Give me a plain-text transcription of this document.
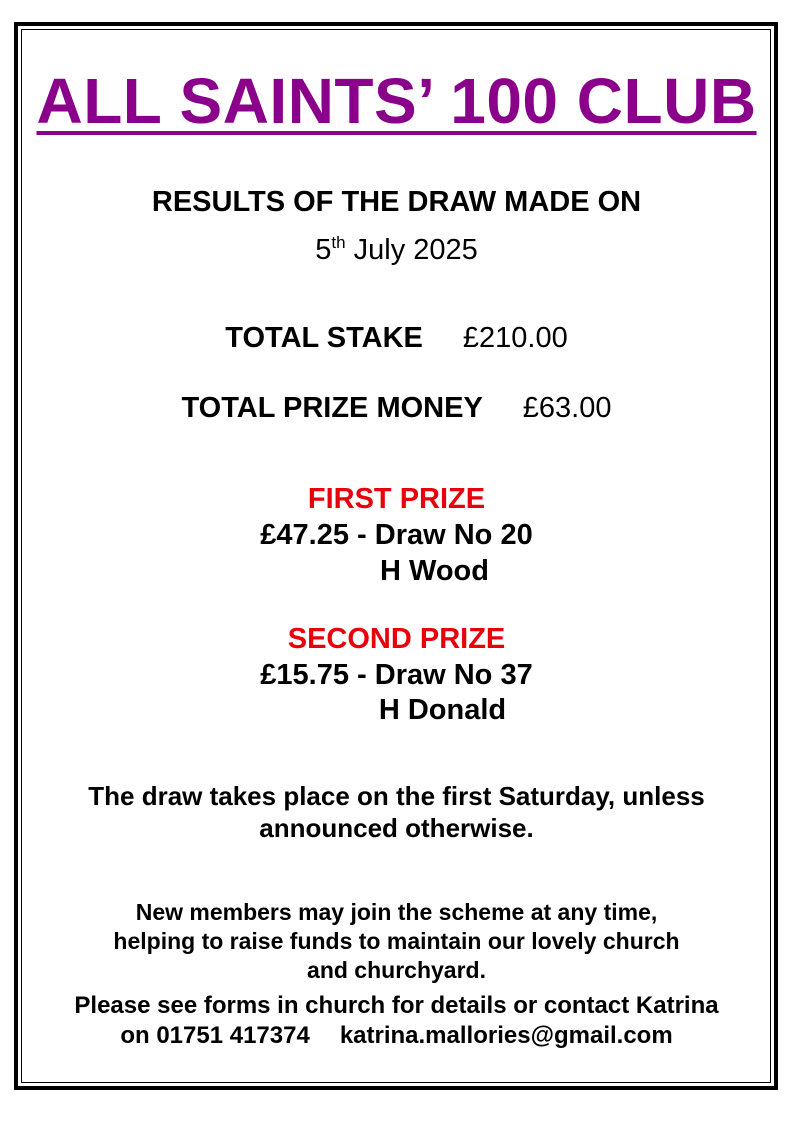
ALL SAINTS’ 100 CLUB
RESULTS OF THE DRAW MADE ON
5th July 2025
TOTAL STAKE £210.00
TOTAL PRIZE MONEY £63.00
FIRST PRIZE
£47.25 - Draw No 20
H Wood
SECOND PRIZE
£15.75 - Draw No 37
H Donald
The draw takes place on the first Saturday, unless
announced otherwise.
New members may join the scheme at any time,
helping to raise funds to maintain our lovely church
and churchyard.
Please see forms in church for details or contact Katrina
on 01751 417374 katrina.mallories@gmail.com
